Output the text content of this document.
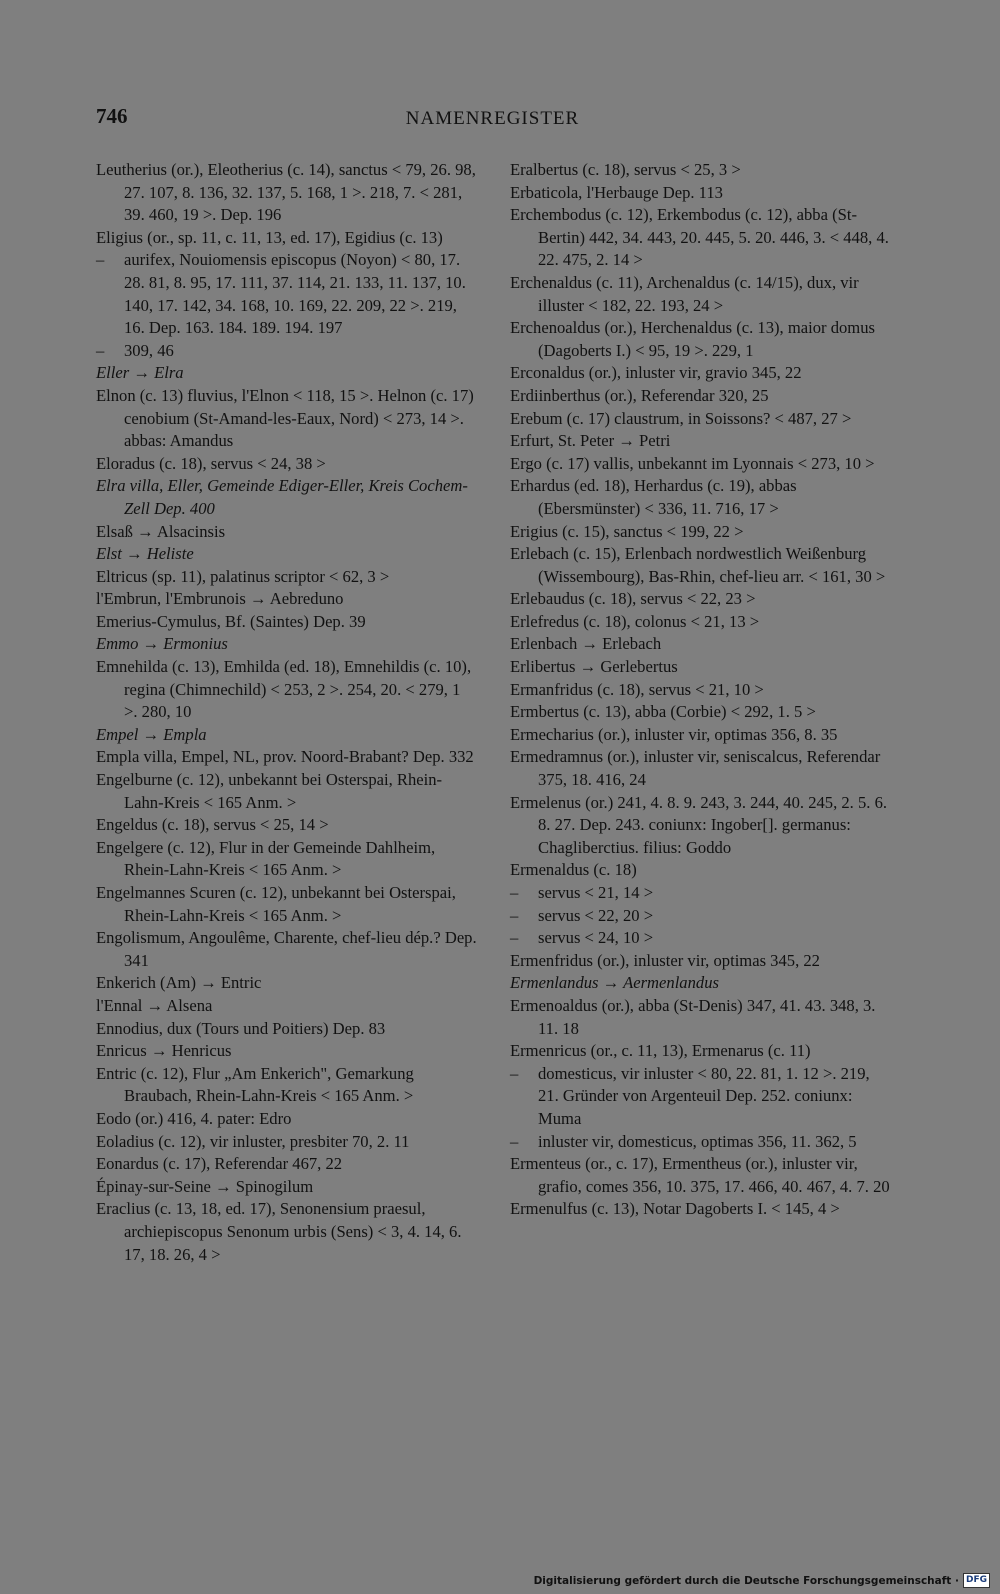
746	NAMENREGISTER
Leutherius (or.), Eleotherius (c. 14), sanctus < 79, 26. 98, 27. 107, 8. 136, 32. 137, 5. 168, 1 >. 218, 7. < 281, 39. 460, 19 >. Dep. 196
Eligius (or., sp. 11, c. 11, 13, ed. 17), Egidius (c. 13)
– aurifex, Nouiomensis episcopus (Noyon) < 80, 17. 28. 81, 8. 95, 17. 111, 37. 114, 21. 133, 11. 137, 10. 140, 17. 142, 34. 168, 10. 169, 22. 209, 22 >. 219, 16. Dep. 163. 184. 189. 194. 197
– 309, 46
Eller → Elra
Elnon (c. 13) fluvius, l'Elnon < 118, 15 >. Helnon (c. 17) cenobium (St-Amand-les-Eaux, Nord) < 273, 14 >. abbas: Amandus
Eloradus (c. 18), servus < 24, 38 >
Elra villa, Eller, Gemeinde Ediger-Eller, Kreis Cochem-Zell Dep. 400
Elsaß → Alsacinsis
Elst → Heliste
Eltricus (sp. 11), palatinus scriptor < 62, 3 >
l'Embrun, l'Embrunois → Aebreduno
Emerius-Cymulus, Bf. (Saintes) Dep. 39
Emmo → Ermonius
Emnehilda (c. 13), Emhilda (ed. 18), Emnehildis (c. 10), regina (Chimnechild) < 253, 2 >. 254, 20. < 279, 1 >. 280, 10
Empel → Empla
Empla villa, Empel, NL, prov. Noord-Brabant? Dep. 332
Engelburne (c. 12), unbekannt bei Osterspai, Rhein-Lahn-Kreis < 165 Anm. >
Engeldus (c. 18), servus < 25, 14 >
Engelgere (c. 12), Flur in der Gemeinde Dahlheim, Rhein-Lahn-Kreis < 165 Anm. >
Engelmannes Scuren (c. 12), unbekannt bei Osterspai, Rhein-Lahn-Kreis < 165 Anm. >
Engolismum, Angoulême, Charente, chef-lieu dép.? Dep. 341
Enkerich (Am) → Entric
l'Ennal → Alsena
Ennodius, dux (Tours und Poitiers) Dep. 83
Enricus → Henricus
Entric (c. 12), Flur „Am Enkerich", Gemarkung Braubach, Rhein-Lahn-Kreis < 165 Anm. >
Eodo (or.) 416, 4. pater: Edro
Eoladius (c. 12), vir inluster, presbiter 70, 2. 11
Eonardus (c. 17), Referendar 467, 22
Épinay-sur-Seine → Spinogilum
Eraclius (c. 13, 18, ed. 17), Senonensium praesul, archiepiscopus Senonum urbis (Sens) < 3, 4. 14, 6. 17, 18. 26, 4 >
Eralbertus (c. 18), servus < 25, 3 >
Erbaticola, l'Herbauge Dep. 113
Erchembodus (c. 12), Erkembodus (c. 12), abba (St-Bertin) 442, 34. 443, 20. 445, 5. 20. 446, 3. < 448, 4. 22. 475, 2. 14 >
Erchenaldus (c. 11), Archenaldus (c. 14/15), dux, vir illuster < 182, 22. 193, 24 >
Erchenoaldus (or.), Herchenaldus (c. 13), maior domus (Dagoberts I.) < 95, 19 >. 229, 1
Erconaldus (or.), inluster vir, gravio 345, 22
Erdiinberthus (or.), Referendar 320, 25
Erebum (c. 17) claustrum, in Soissons? < 487, 27 >
Erfurt, St. Peter → Petri
Ergo (c. 17) vallis, unbekannt im Lyonnais < 273, 10 >
Erhardus (ed. 18), Herhardus (c. 19), abbas (Ebersmünster) < 336, 11. 716, 17 >
Erigius (c. 15), sanctus < 199, 22 >
Erlebach (c. 15), Erlenbach nordwestlich Weißenburg (Wissembourg), Bas-Rhin, chef-lieu arr. < 161, 30 >
Erlebaudus (c. 18), servus < 22, 23 >
Erlefredus (c. 18), colonus < 21, 13 >
Erlenbach → Erlebach
Erlibertus → Gerlebertus
Ermanfridus (c. 18), servus < 21, 10 >
Ermbertus (c. 13), abba (Corbie) < 292, 1. 5 >
Ermecharius (or.), inluster vir, optimas 356, 8. 35
Ermedramnus (or.), inluster vir, seniscalcus, Referendar 375, 18. 416, 24
Ermelenus (or.) 241, 4. 8. 9. 243, 3. 244, 40. 245, 2. 5. 6. 8. 27. Dep. 243. coniunx: Ingober[]. germanus: Chagliberctius. filius: Goddo
Ermenaldus (c. 18)
– servus < 21, 14 >
– servus < 22, 20 >
– servus < 24, 10 >
Ermenfridus (or.), inluster vir, optimas 345, 22
Ermenlandus → Aermenlandus
Ermenoaldus (or.), abba (St-Denis) 347, 41. 43. 348, 3. 11. 18
Ermenricus (or., c. 11, 13), Ermenarus (c. 11)
– domesticus, vir inluster < 80, 22. 81, 1. 12 >. 219, 21. Gründer von Argenteuil Dep. 252. coniunx: Muma
– inluster vir, domesticus, optimas 356, 11. 362, 5
Ermenteus (or., c. 17), Ermentheus (or.), inluster vir, grafio, comes 356, 10. 375, 17. 466, 40. 467, 4. 7. 20
Ermenulfus (c. 13), Notar Dagoberts I. < 145, 4 >
Digitalisierung gefördert durch die Deutsche Forschungsgemeinschaft · DFG
